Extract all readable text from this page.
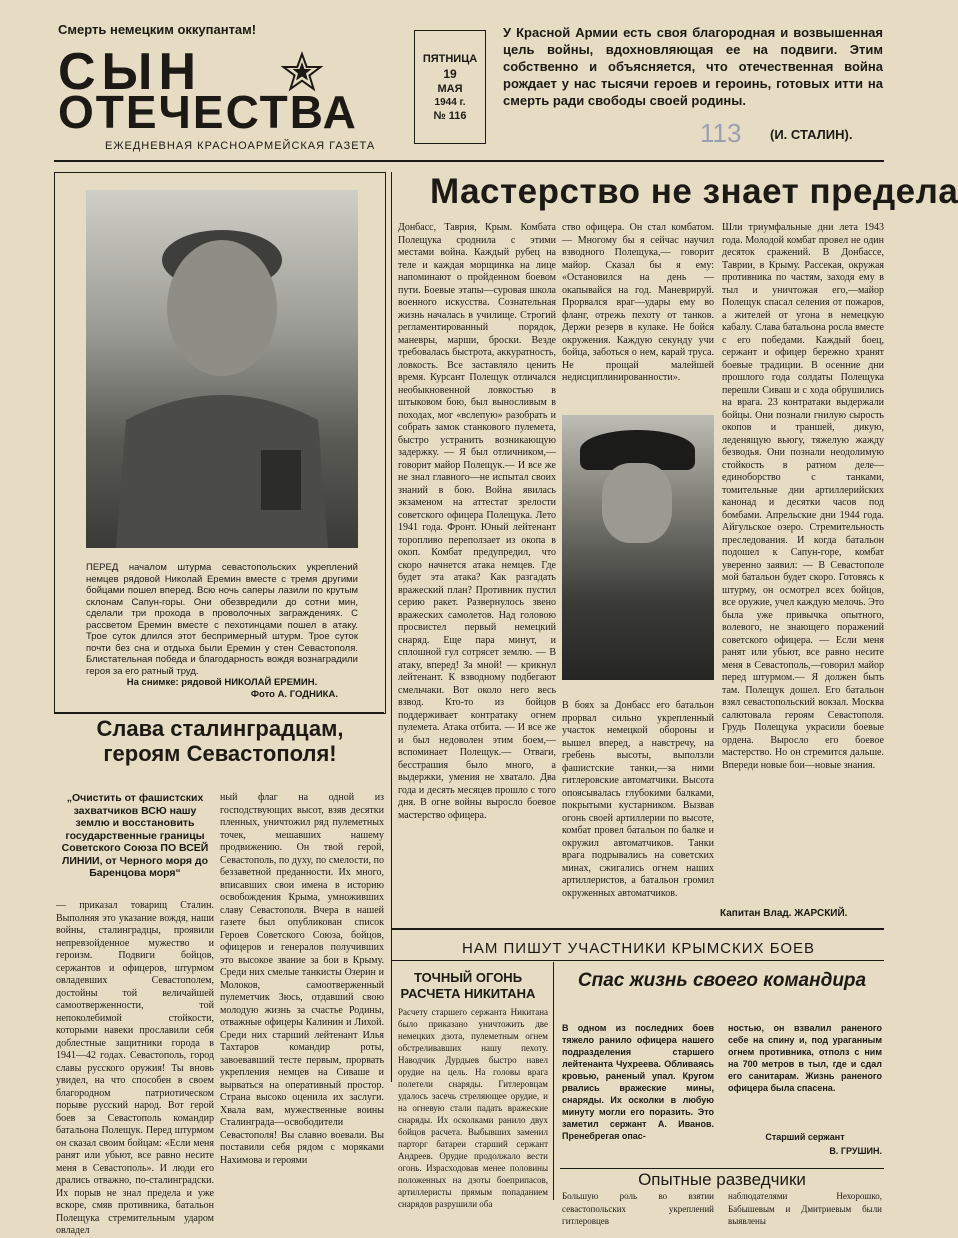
Смерть немецким оккупантам!
СЫН
ОТЕЧЕСТВА
ЕЖЕДНЕВНАЯ КРАСНОАРМЕЙСКАЯ ГАЗЕТА
ПЯТНИЦА
19
МАЯ
1944 г.
№ 116
У Красной Армии есть своя благородная и возвышенная цель войны, вдохновляющая ее на подвиги. Этим собственно и объясняется, что отечественная война рождает у нас тысячи героев и героинь, готовых итти на смерть ради свободы своей родины.
113 (И. СТАЛИН).
ПЕРЕД началом штурма севастопольских укреплений немцев рядовой Николай Еремин вместе с тремя другими бойцами пошел вперед. Всю ночь саперы лазили по крутым склонам Сапун-горы. Они обезвредили до сотни мин, сделали три прохода в проволочных заграждениях. С рассветом Еремин вместе с пехотинцами пошел в атаку. Трое суток длился этот беспримерный штурм. Трое суток почти без сна и отдыха были Еремин у стен Севастополя. Блистательная победа и благодарность вождя вознаградили героя за его ратный труд.
На снимке: рядовой НИКОЛАЙ ЕРЕМИН.
Фото А. ГОДНИКА.
Мастерство не знает предела
Донбасс, Таврия, Крым. Комбата Полещука сроднила с этими местами война. Каждый рубец на теле и каждая морщинка на лице напоминают о пройденном боевом пути. Боевые этапы—суровая школа военного искусства. Сознательная жизнь началась в училище. Строгий регламентированный порядок, маневры, марши, броски. Везде требовалась быстрота, аккуратность, ловкость. Все заставляло ценить время. Курсант Полещук отличался необыкновенной ловкостью в штыковом бою, был выносливым в походах, мог «вслепую» разобрать и собрать замок станкового пулемета, быстро устранить возникающую задержку. — Я был отличником,— говорит майор Полещук.— И все же не знал главного—не испытал своих знаний в бою. Война явилась экзаменом на аттестат зрелости советского офицера Полещука. Лето 1941 года. Фронт. Юный лейтенант торопливо переползает из окопа в окоп. Комбат предупредил, что скоро начнется атака немцев. Где будет эта атака? Как разгадать вражеский план? Противник пустил серию ракет. Развернулось звено вражеских самолетов. Над головою просвистел первый немецкий снаряд. Еще пара минут, и сплошной гул сотрясет землю. — В атаку, вперед! За мной! — крикнул лейтенант. К взводному подбегают смельчаки. Вот около него весь взвод. Кто-то из бойцов поддерживает контратаку огнем пулемета. Атака отбита. — И все же и был недоволен этим боем,— вспоминает Полещук.— Отваги, бесстрашия было много, а выдержки, умения не хватало. Два года и десять месяцев прошло с того дня. В огне войны выросло боевое мастерство офицера.
ство офицера. Он стал комбатом. — Многому бы я сейчас научил взводного Полещука,— говорит майор. Сказал бы я ему: «Остановился на день — окапывайся на год. Маневрируй. Прорвался враг—удары ему во фланг, отрежь пехоту от танков. Держи резерв в кулаке. Не бойся окружения. Каждую секунду учи бойца, заботься о нем, карай труса. Не прощай малейшей недисциплинированности».
В боях за Донбасс его батальон прорвал сильно укрепленный участок немецкой обороны и вышел вперед, а навстречу, на гребень высоты, выползли фашистские танки,—за ними гитлеровские автоматчики. Высота опоясывалась глубокими балками, покрытыми кустарником. Вызвав огонь своей артиллерии по высоте, комбат провел батальон по балке и окружил автоматчиков. Танки врага подрывались на советских минах, сжигались огнем наших артиллеристов, а батальон громил окруженных автоматчиков.
Шли триумфальные дни лета 1943 года. Молодой комбат провел не один десяток сражений. В Донбассе, Таврии, в Крыму. Рассекая, окружая противника по частям, заходя ему в тыл и уничтожая его,—майор Полещук спасал селения от пожаров, а жителей от угона в немецкую кабалу. Слава батальона росла вместе с его победами. Каждый боец, сержант и офицер бережно хранят боевые традиции. В осенние дни прошлого года солдаты Полещука перешли Сиваш и с хода обрушились на врага. 23 контратаки выдержали бойцы. Они познали гнилую сырость окопов и траншей, дикую, леденящую вьюгу, тяжелую жажду безводья. Они познали неодолимую стойкость в ратном деле—единоборство с танками, томительные дни артиллерийских канонад и десятки часов под бомбами. Апрельские дни 1944 года. Айгульское озеро. Стремительность преследования. И когда батальон подошел к Сапун-горе, комбат уверенно заявил: — В Севастополе мой батальон будет скоро. Готовясь к штурму, он осмотрел всех бойцов, все оружие, учел каждую мелочь. Это была уже привычка опытного, волевого, не знающего поражений советского офицера. — Если меня ранят или убьют, все равно несите меня в Севастополь,—говорил майор перед штурмом.— Я должен быть там. Полещук дошел. Его батальон взял севастопольский вокзал. Москва салютовала героям Севастополя. Грудь Полещука украсили боевые ордена. Выросло его боевое мастерство. Но он стремится дальше. Впереди новые бои—новые знания.
Капитан Влад. ЖАРСКИЙ.
Слава сталинградцам, героям Севастополя!
„Очистить от фашистских захватчиков ВСЮ нашу землю и восстановить государственные границы Советского Союза ПО ВСЕЙ ЛИНИИ, от Черного моря до Баренцова моря“
— приказал товарищ Сталин. Выполняя это указание вождя, наши войны, сталинградцы, проявили непревзойденное мужество и героизм. Подвиги бойцов, сержантов и офицеров, штурмом овладевших Севастополем, достойны той величайшей самоотверженности, той непоколебимой стойкости, которыми навеки прославили себя доблестные защитники города в 1941—42 годах. Севастополь, город славы русского оружия! Ты вновь увидел, на что способен в своем благородном патриотическом порыве русский народ. Вот герой боев за Севастополь командир батальона Полещук. Перед штурмом он сказал своим бойцам: «Если меня ранят или убьют, все равно несите меня в Севастополь». И люди его дрались отважно, по-сталинградски. Их порыв не знал предела и уже вскоре, смяв противника, батальон Полещука стремительным ударом овладел
ный флаг на одной из господствующих высот, взяв десятки пленных, уничтожил ряд пулеметных точек, мешавших нашему продвижению. Он твой герой, Севастополь, по духу, по смелости, по беззаветной преданности. Их много, вписавших свои имена в историю освобождения Крыма, умноживших славу Севастополя. Вчера в нашей газете был опубликован список Героев Советского Союза, бойцов, офицеров и генералов получивших это высокое звание за бои в Крыму. Среди них смелые танкисты Озерин и Молоков, самоотверженный пулеметчик Зюсь, отдавший свою молодую жизнь за счастье Родины, отважные офицеры Калинин и Лихой. Среди них старший лейтенант Илья Тахтаров командир роты, завоевавший тесте первым, прорвать укрепления немцев на Сиваше и вырваться на оперативный простор. Страна высоко оценила их заслуги. Хвала вам, мужественные воины Сталинграда—освободители Севастополя! Вы славно воевали. Вы поставили себя рядом с моряками Нахимова и героями
НАМ ПИШУТ УЧАСТНИКИ КРЫМСКИХ БОЕВ
ТОЧНЫЙ ОГОНЬ РАСЧЕТА НИКИТАНА
Расчету старшего сержанта Никитана было приказано уничтожить две немецких дзота, пулеметным огнем обстреливавших нашу пехоту. Наводчик Дурдыев быстро навел орудие на цель. На головы врага полетели снаряды. Гитлеровцам удалось засечь стреляющее орудие, и на огневую стали падать вражеские снаряды. Их осколками ранило двух бойцов расчета. Выбывших заменил парторг батареи старший сержант Андреев. Орудие продолжало вести огонь. Израсходовав менее половины положенных на дзоты боеприпасов, артиллеристы прямым попаданием снарядов разрушили оба
Спас жизнь своего командира
В одном из последних боев тяжело ранило офицера нашего подразделения старшего лейтенанта Чухреева. Обливаясь кровью, раненый упал. Кругом рвались вражеские мины, снаряды. Их осколки в любую минуту могли его поразить. Это заметил сержант А. Иванов. Пренебрегая опас-
ностью, он взвалил раненого себе на спину и, под ураганным огнем противника, отполз с ним на 700 метров в тыл, где и сдал его санитарам. Жизнь раненого офицера была спасена.
Старший сержант
В. ГРУШИН.
Опытные разведчики
Большую роль во взятии севастопольских укреплений гитлеровцев
наблюдателями Нехорошко, Бабышевым и Дмитриевым были выявлены
